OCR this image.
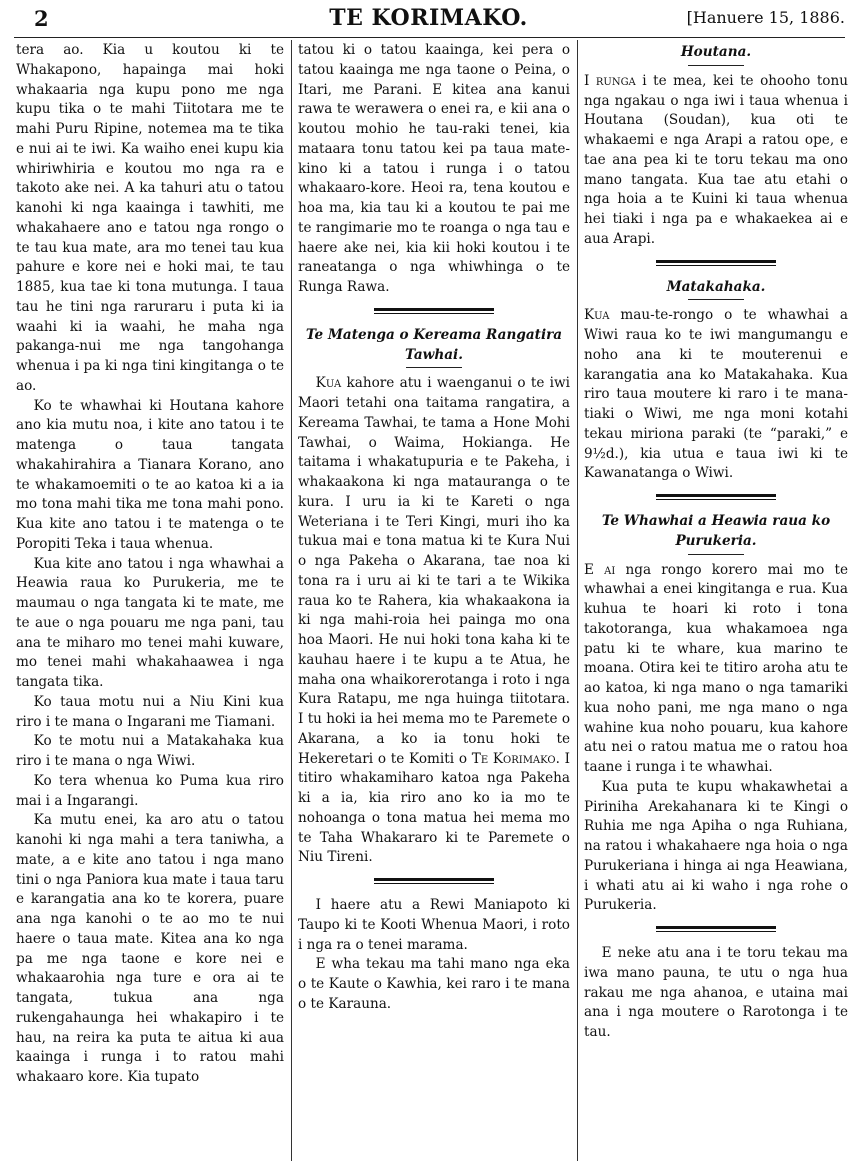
2	TE KORIMAKO.	[Hanuere 15, 1886.

tera ao. Kia u koutou ki te Whakapono, hapainga mai hoki whakaaria nga kupu pono me nga kupu tika o te mahi Tiitotara me te mahi Puru Ripine, notemea ma te tika e nui ai te iwi. Ka waiho enei kupu kia whiriwhiria e koutou mo nga ra e takoto ake nei. A ka tahuri atu o tatou kanohi ki nga kaainga i tawhiti, me whakahaere ano e tatou nga rongo o te tau kua mate, ara mo tenei tau kua pahure e kore nei e hoki mai, te tau 1885, kua tae ki tona mutunga. I taua tau he tini nga raruraru i puta ki ia waahi ki ia waahi, he maha nga pakanga-nui me nga tangohanga whenua i pa ki nga tini kingitanga o te ao.

Ko te whawhai ki Houtana kahore ano kia mutu noa, i kite ano tatou i te matenga o taua tangata whakahirahira a Tianara Korano, ano te whakamoemiti o te ao katoa ki a ia mo tona mahi tika me tona mahi pono. Kua kite ano tatou i te matenga o te Poropiti Teka i taua whenua.

Kua kite ano tatou i nga whawhai a Heawia raua ko Purukeria, me te maumau o nga tangata ki te mate, me te aue o nga pouaru me nga pani, tau ana te miharo mo tenei mahi kuware, mo tenei mahi whakahaawea i nga tangata tika.

Ko taua motu nui a Niu Kini kua riro i te mana o Ingarani me Tiamani.

Ko te motu nui a Matakahaka kua riro i te mana o nga Wiwi.

Ko tera whenua ko Puma kua riro mai i a Ingarangi.

Ka mutu enei, ka aro atu o tatou kanohi ki nga mahi a tera taniwha, a mate, a e kite ano tatou i nga mano tini o nga Paniora kua mate i taua taru e karangatia ana ko te korera, puare ana nga kanohi o te ao mo te nui haere o taua mate. Kitea ana ko nga pa me nga taone e kore nei e whakaarohia nga ture e ora ai te tangata, tukua ana nga rukengahaunga hei whakapiro i te hau, na reira ka puta te aitua ki aua kaainga i runga i to ratou mahi whakaaro kore. Kia tupato

tatou ki o tatou kaainga, kei pera o tatou kaainga me nga taone o Peina, o Itari, me Parani. E kitea ana kanui rawa te werawera o enei ra, e kii ana o koutou mohio he tau-raki tenei, kia mataara tonu tatou kei pa taua mate-kino ki a tatou i runga i o tatou whakaaro-kore. Heoi ra, tena koutou e hoa ma, kia tau ki a koutou te pai me te rangimarie mo te roanga o nga tau e haere ake nei, kia kii hoki koutou i te raneatanga o nga whiwhinga o te Runga Rawa.

Te Matenga o Kereama Rangatira Tawhai.

Kua kahore atu i waenganui o te iwi Maori tetahi ona taitama rangatira, a Kereama Tawhai, te tama a Hone Mohi Tawhai, o Waima, Hokianga. He taitama i whakatupuria e te Pakeha, i whakaakona ki nga matauranga o te kura. I uru ia ki te Kareti o nga Weteriana i te Teri Kingi, muri iho ka tukua mai e tona matua ki te Kura Nui o nga Pakeha o Akarana, tae noa ki tona ra i uru ai ki te tari a te Wikika raua ko te Rahera, kia whakaakona ia ki nga mahi-roia hei painga mo ona hoa Maori. He nui hoki tona kaha ki te kauhau haere i te kupu a te Atua, he maha ona whaikorerotanga i roto i nga Kura Ratapu, me nga huinga tiitotara. I tu hoki ia hei mema mo te Paremete o Akarana, a ko ia tonu hoki te Hekeretari o te Komiti o Te Korimako. I titiro whakamiharo katoa nga Pakeha ki a ia, kia riro ano ko ia mo te nohoanga o tona matua hei mema mo te Taha Whakararo ki te Paremete o Niu Tireni.

I haere atu a Rewi Maniapoto ki Taupo ki te Kooti Whenua Maori, i roto i nga ra o tenei marama.

E wha tekau ma tahi mano nga eka o te Kaute o Kawhia, kei raro i te mana o te Karauna.

Houtana.

I runga i te mea, kei te ohooho tonu nga ngakau o nga iwi i taua whenua i Houtana (Soudan), kua oti te whakaemi e nga Arapi a ratou ope, e tae ana pea ki te toru tekau ma ono mano tangata. Kua tae atu etahi o nga hoia a te Kuini ki taua whenua hei tiaki i nga pa e whakaekea ai e aua Arapi.

Matakahaka.

Kua mau-te-rongo o te whawhai a Wiwi raua ko te iwi mangumangu e noho ana ki te mouterenui e karangatia ana ko Matakahaka. Kua riro taua moutere ki raro i te mana-tiaki o Wiwi, me nga moni kotahi tekau miriona paraki (te “paraki,” e 9½d.), kia utua e taua iwi ki te Kawanatanga o Wiwi.

Te Whawhai a Heawia raua ko Purukeria.

E ai nga rongo korero mai mo te whawhai a enei kingitanga e rua. Kua kuhua te hoari ki roto i tona takotoranga, kua whakamoea nga patu ki te whare, kua marino te moana. Otira kei te titiro aroha atu te ao katoa, ki nga mano o nga tamariki kua noho pani, me nga mano o nga wahine kua noho pouaru, kua kahore atu nei o ratou matua me o ratou hoa taane i runga i te whawhai.

Kua puta te kupu whakawhetai a Piriniha Arekahanara ki te Kingi o Ruhia me nga Apiha o nga Ruhiana, na ratou i whakahaere nga hoia o nga Purukeriana i hinga ai nga Heawiana, i whati atu ai ki waho i nga rohe o Purukeria.

E neke atu ana i te toru tekau ma iwa mano pauna, te utu o nga hua rakau me nga ahanoa, e utaina mai ana i nga moutere o Rarotonga i te tau.
